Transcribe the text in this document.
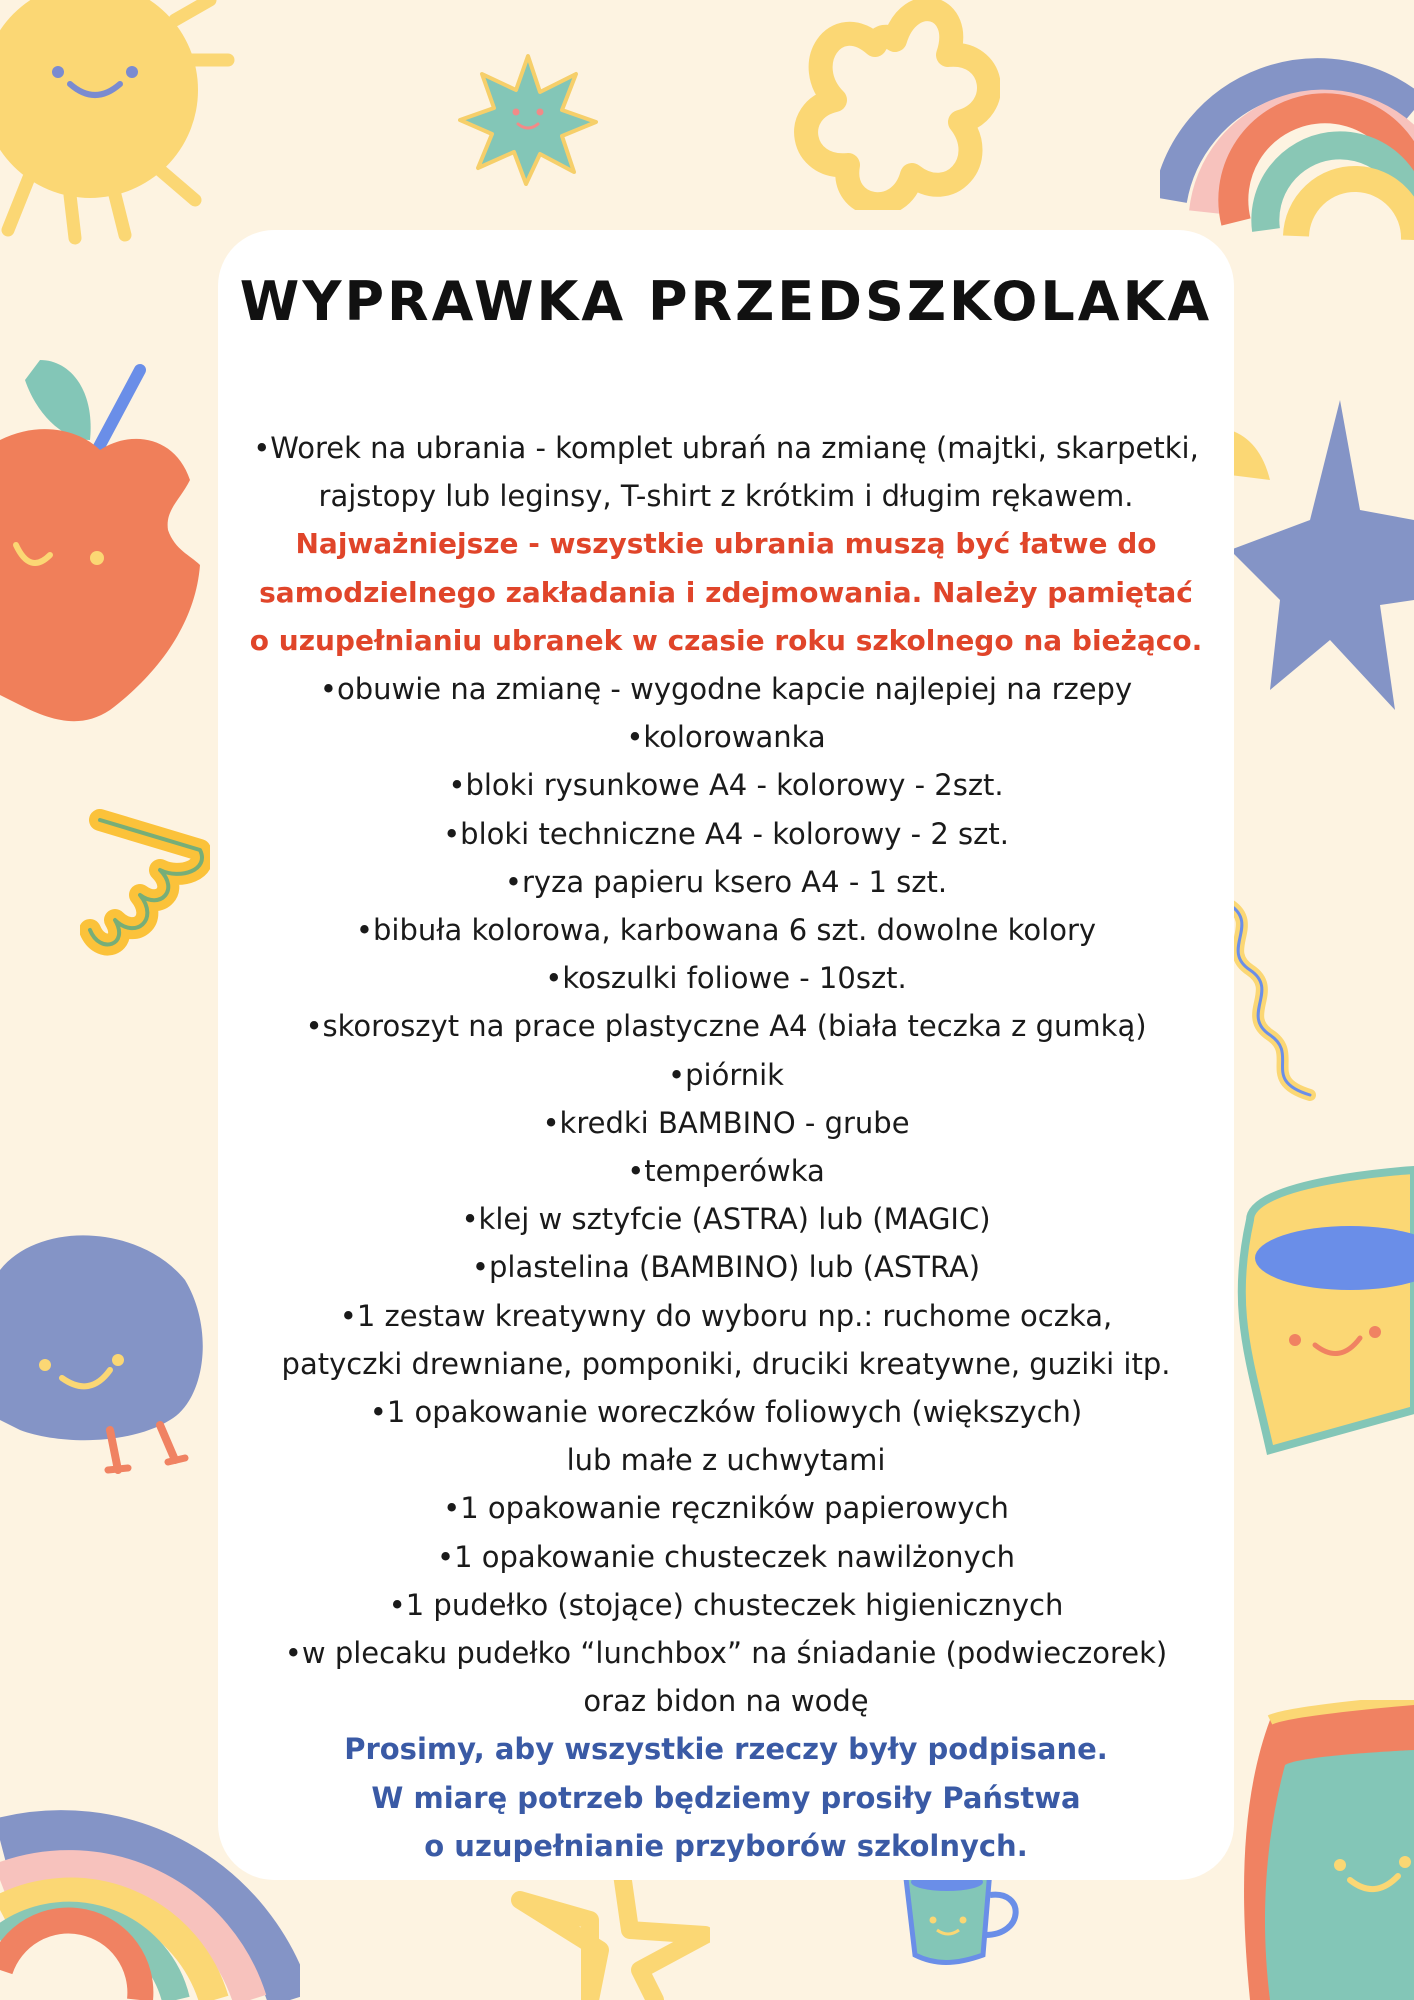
WYPRAWKA PRZEDSZKOLAKA

•Worek na ubrania - komplet ubrań na zmianę (majtki, skarpetki,

rajstopy lub leginsy, T-shirt z krótkim i długim rękawem.

Najważniejsze - wszystkie ubrania muszą być łatwe do

samodzielnego zakładania i zdejmowania. Należy pamiętać

o uzupełnianiu ubranek w czasie roku szkolnego na bieżąco.

•obuwie na zmianę - wygodne kapcie najlepiej na rzepy

•kolorowanka

•bloki rysunkowe A4 - kolorowy - 2szt.

•bloki techniczne A4 - kolorowy - 2 szt.

•ryza papieru ksero A4 - 1 szt.

•bibuła kolorowa, karbowana 6 szt. dowolne kolory

•koszulki foliowe - 10szt.

•skoroszyt na prace plastyczne A4 (biała teczka z gumką)

•piórnik

•kredki BAMBINO - grube

•temperówka

•klej w sztyfcie (ASTRA) lub (MAGIC)

•plastelina (BAMBINO) lub (ASTRA)

•1 zestaw kreatywny do wyboru np.: ruchome oczka,

patyczki drewniane, pomponiki, druciki kreatywne, guziki itp.

•1 opakowanie woreczków foliowych (większych)

lub małe z uchwytami

•1 opakowanie ręczników papierowych

•1 opakowanie chusteczek nawilżonych

•1 pudełko (stojące) chusteczek higienicznych

•w plecaku pudełko “lunchbox” na śniadanie (podwieczorek)

oraz bidon na wodę

Prosimy, aby wszystkie rzeczy były podpisane.

W miarę potrzeb będziemy prosiły Państwa

o uzupełnianie przyborów szkolnych.
